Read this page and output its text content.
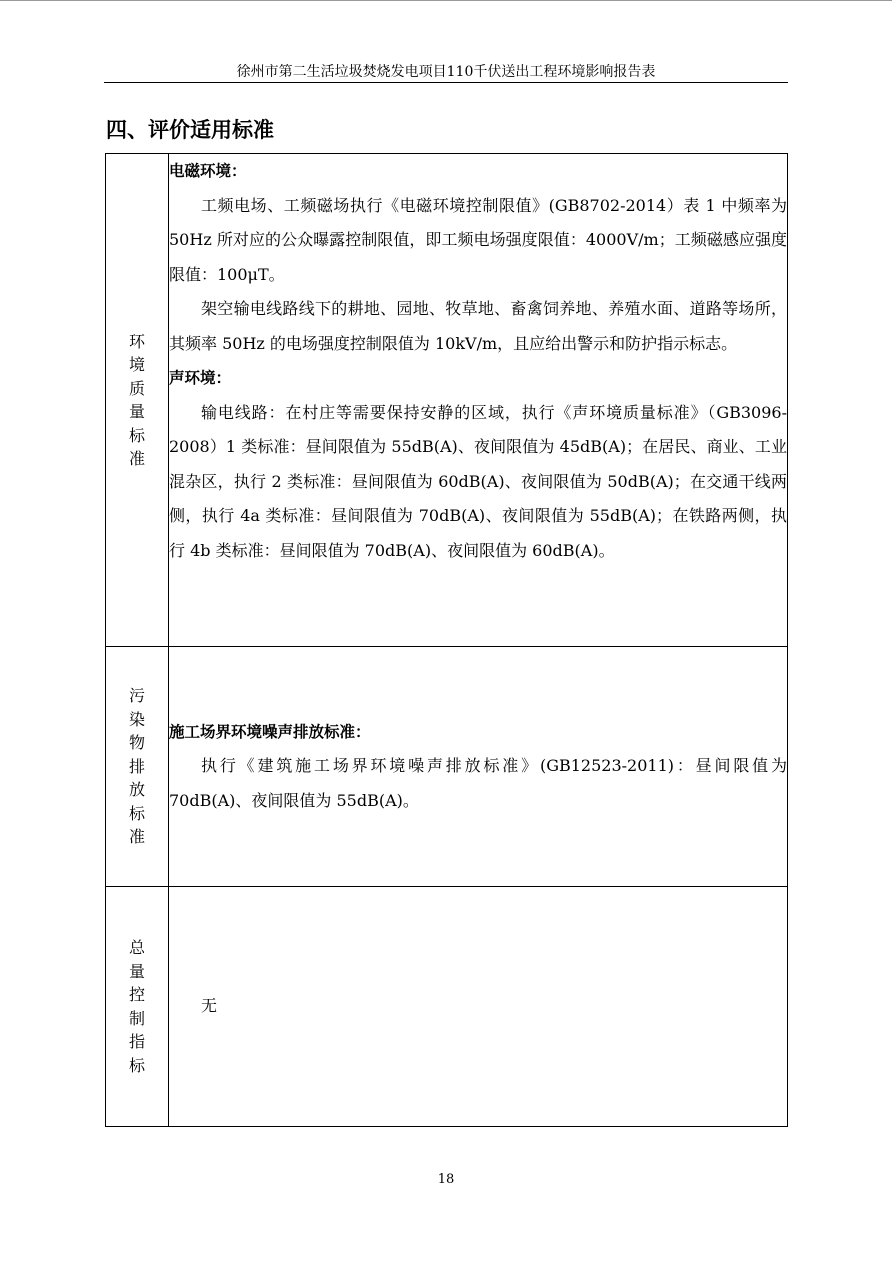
徐州市第二生活垃圾焚烧发电项目110千伏送出工程环境影响报告表
四、评价适用标准
环境质量标准	电磁环境：
工频电场、工频磁场执行《电磁环境控制限值》(GB8702-2014）表 1 中频率为 50Hz 所对应的公众曝露控制限值，即工频电场强度限值：4000V/m；工频磁感应强度限值：100μT。
架空输电线路线下的耕地、园地、牧草地、畜禽饲养地、养殖水面、道路等场所，其频率 50Hz 的电场强度控制限值为 10kV/m，且应给出警示和防护指示标志。
声环境：
输电线路：在村庄等需要保持安静的区域，执行《声环境质量标准》（GB3096-2008）1 类标准：昼间限值为 55dB(A)、夜间限值为 45dB(A)；在居民、商业、工业混杂区，执行 2 类标准：昼间限值为 60dB(A)、夜间限值为 50dB(A)；在交通干线两侧，执行 4a 类标准：昼间限值为 70dB(A)、夜间限值为 55dB(A)；在铁路两侧，执行 4b 类标准：昼间限值为 70dB(A)、夜间限值为 60dB(A)。

污染物排放标准	施工场界环境噪声排放标准：
执行《建筑施工场界环境噪声排放标准》(GB12523-2011)：昼间限值为 70dB(A)、夜间限值为 55dB(A)。

总量控制指标	无
18
